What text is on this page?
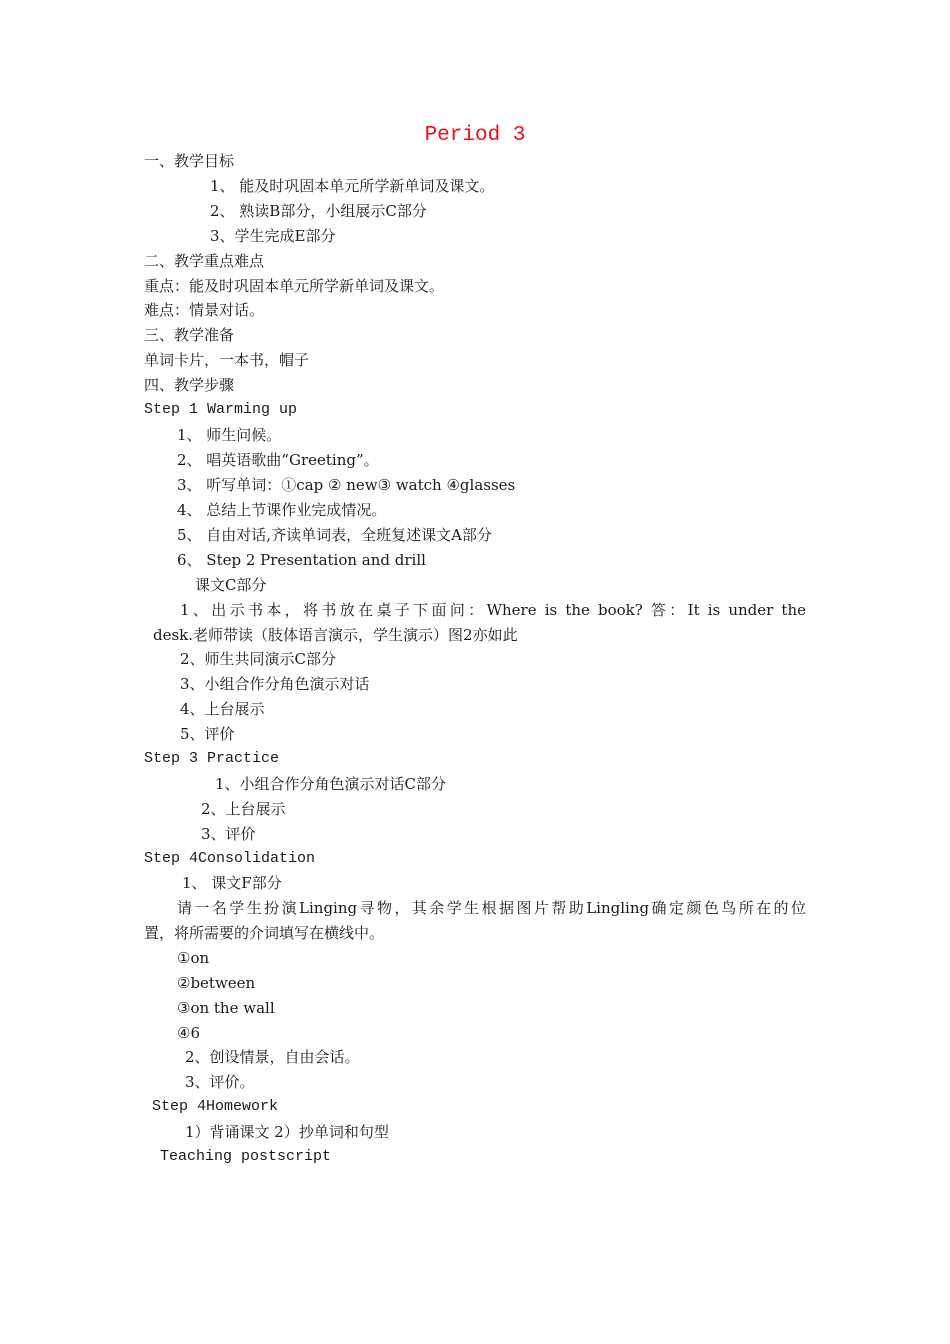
Period 3
一、教学目标
1、 能及时巩固本单元所学新单词及课文。
2、 熟读B部分，小组展示C部分
3、学生完成E部分
二、教学重点难点
重点：能及时巩固本单元所学新单词及课文。
难点：情景对话。
三、教学准备
单词卡片，一本书，帽子
四、教学步骤
Step 1 Warming up
1、 师生问候。
2、 唱英语歌曲“Greeting”。
3、 听写单词：①cap ② new③ watch ④glasses
4、 总结上节课作业完成情况。
5、 自由对话,齐读单词表，全班复述课文A部分
6、 Step 2 Presentation and drill
课文C部分
1、出示书本，将书放在桌子下面问：Where is the book? 答：It is under the
desk.老师带读（肢体语言演示，学生演示）图2亦如此
2、师生共同演示C部分
3、小组合作分角色演示对话
4、上台展示
5、评价
Step 3 Practice
1、小组合作分角色演示对话C部分
2、上台展示
3、评价
Step 4Consolidation
1、 课文F部分
请一名学生扮演Linging寻物，其余学生根据图片帮助Lingling确定颜色鸟所在的位
置，将所需要的介词填写在横线中。
①on
②between
③on the wall
④6
2、创设情景，自由会话。
3、评价。
Step 4Homework
1）背诵课文 2）抄单词和句型
Teaching postscript
